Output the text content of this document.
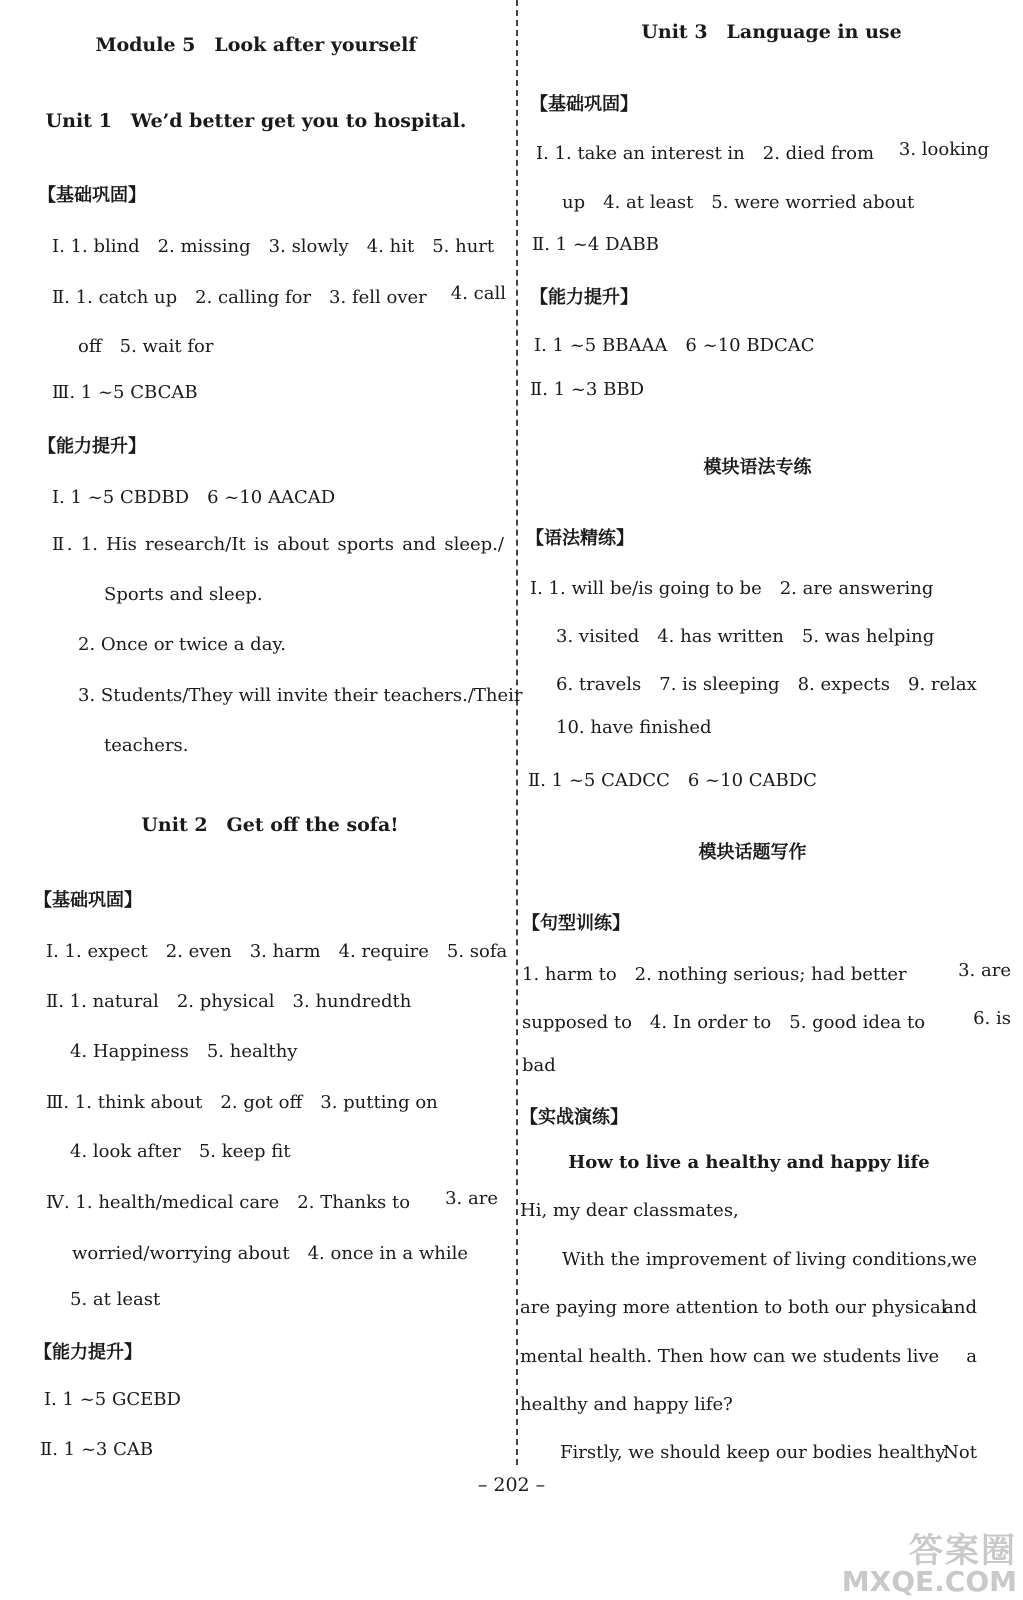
Module 5　Look after yourself
Unit 1　We’d better get you to hospital.
【基础巩固】
Ⅰ. 1. blind　2. missing　3. slowly　4. hit　5. hurt
Ⅱ. 1. catch up　2. calling for　3. fell over 4. call
off　5. wait for
Ⅲ. 1 ~5 CBCAB
【能力提升】
Ⅰ. 1 ~5 CBDBD　6 ~10 AACAD
Ⅱ. 1. His research/It is about sports and sleep./
Sports and sleep.
2. Once or twice a day.
3. Students/They will invite their teachers./Their
teachers.
Unit 2　Get off the sofa!
【基础巩固】
Ⅰ. 1. expect　2. even　3. harm　4. require　5. sofa
Ⅱ. 1. natural　2. physical　3. hundredth
4. Happiness　5. healthy
Ⅲ. 1. think about　2. got off　3. putting on
4. look after　5. keep fit
Ⅳ. 1. health/medical care　2. Thanks to 3. are
worried/worrying about　4. once in a while
5. at least
【能力提升】
Ⅰ. 1 ~5 GCEBD
Ⅱ. 1 ~3 CAB
Unit 3　Language in use
【基础巩固】
Ⅰ. 1. take an interest in　2. died from 3. looking
up　4. at least　5. were worried about
Ⅱ. 1 ~4 DABB
【能力提升】
Ⅰ. 1 ~5 BBAAA　6 ~10 BDCAC
Ⅱ. 1 ~3 BBD
模块语法专练
【语法精练】
Ⅰ. 1. will be/is going to be　2. are answering
3. visited　4. has written　5. was helping
6. travels　7. is sleeping　8. expects　9. relax
10. have finished
Ⅱ. 1 ~5 CADCC　6 ~10 CABDC
模块话题写作
【句型训练】
1. harm to　2. nothing serious; had better	3. are
supposed to　4. In order to　5. good idea to	6. is
bad
【实战演练】
How to live a healthy and happy life
Hi, my dear classmates,
With the improvement of living conditions,
we
are paying more attention to both our physical
and
mental health. Then how can we students live a
healthy and happy life?
Firstly, we should keep our bodies healthy.
Not
– 202 –
答案圈
MXQE.COM
